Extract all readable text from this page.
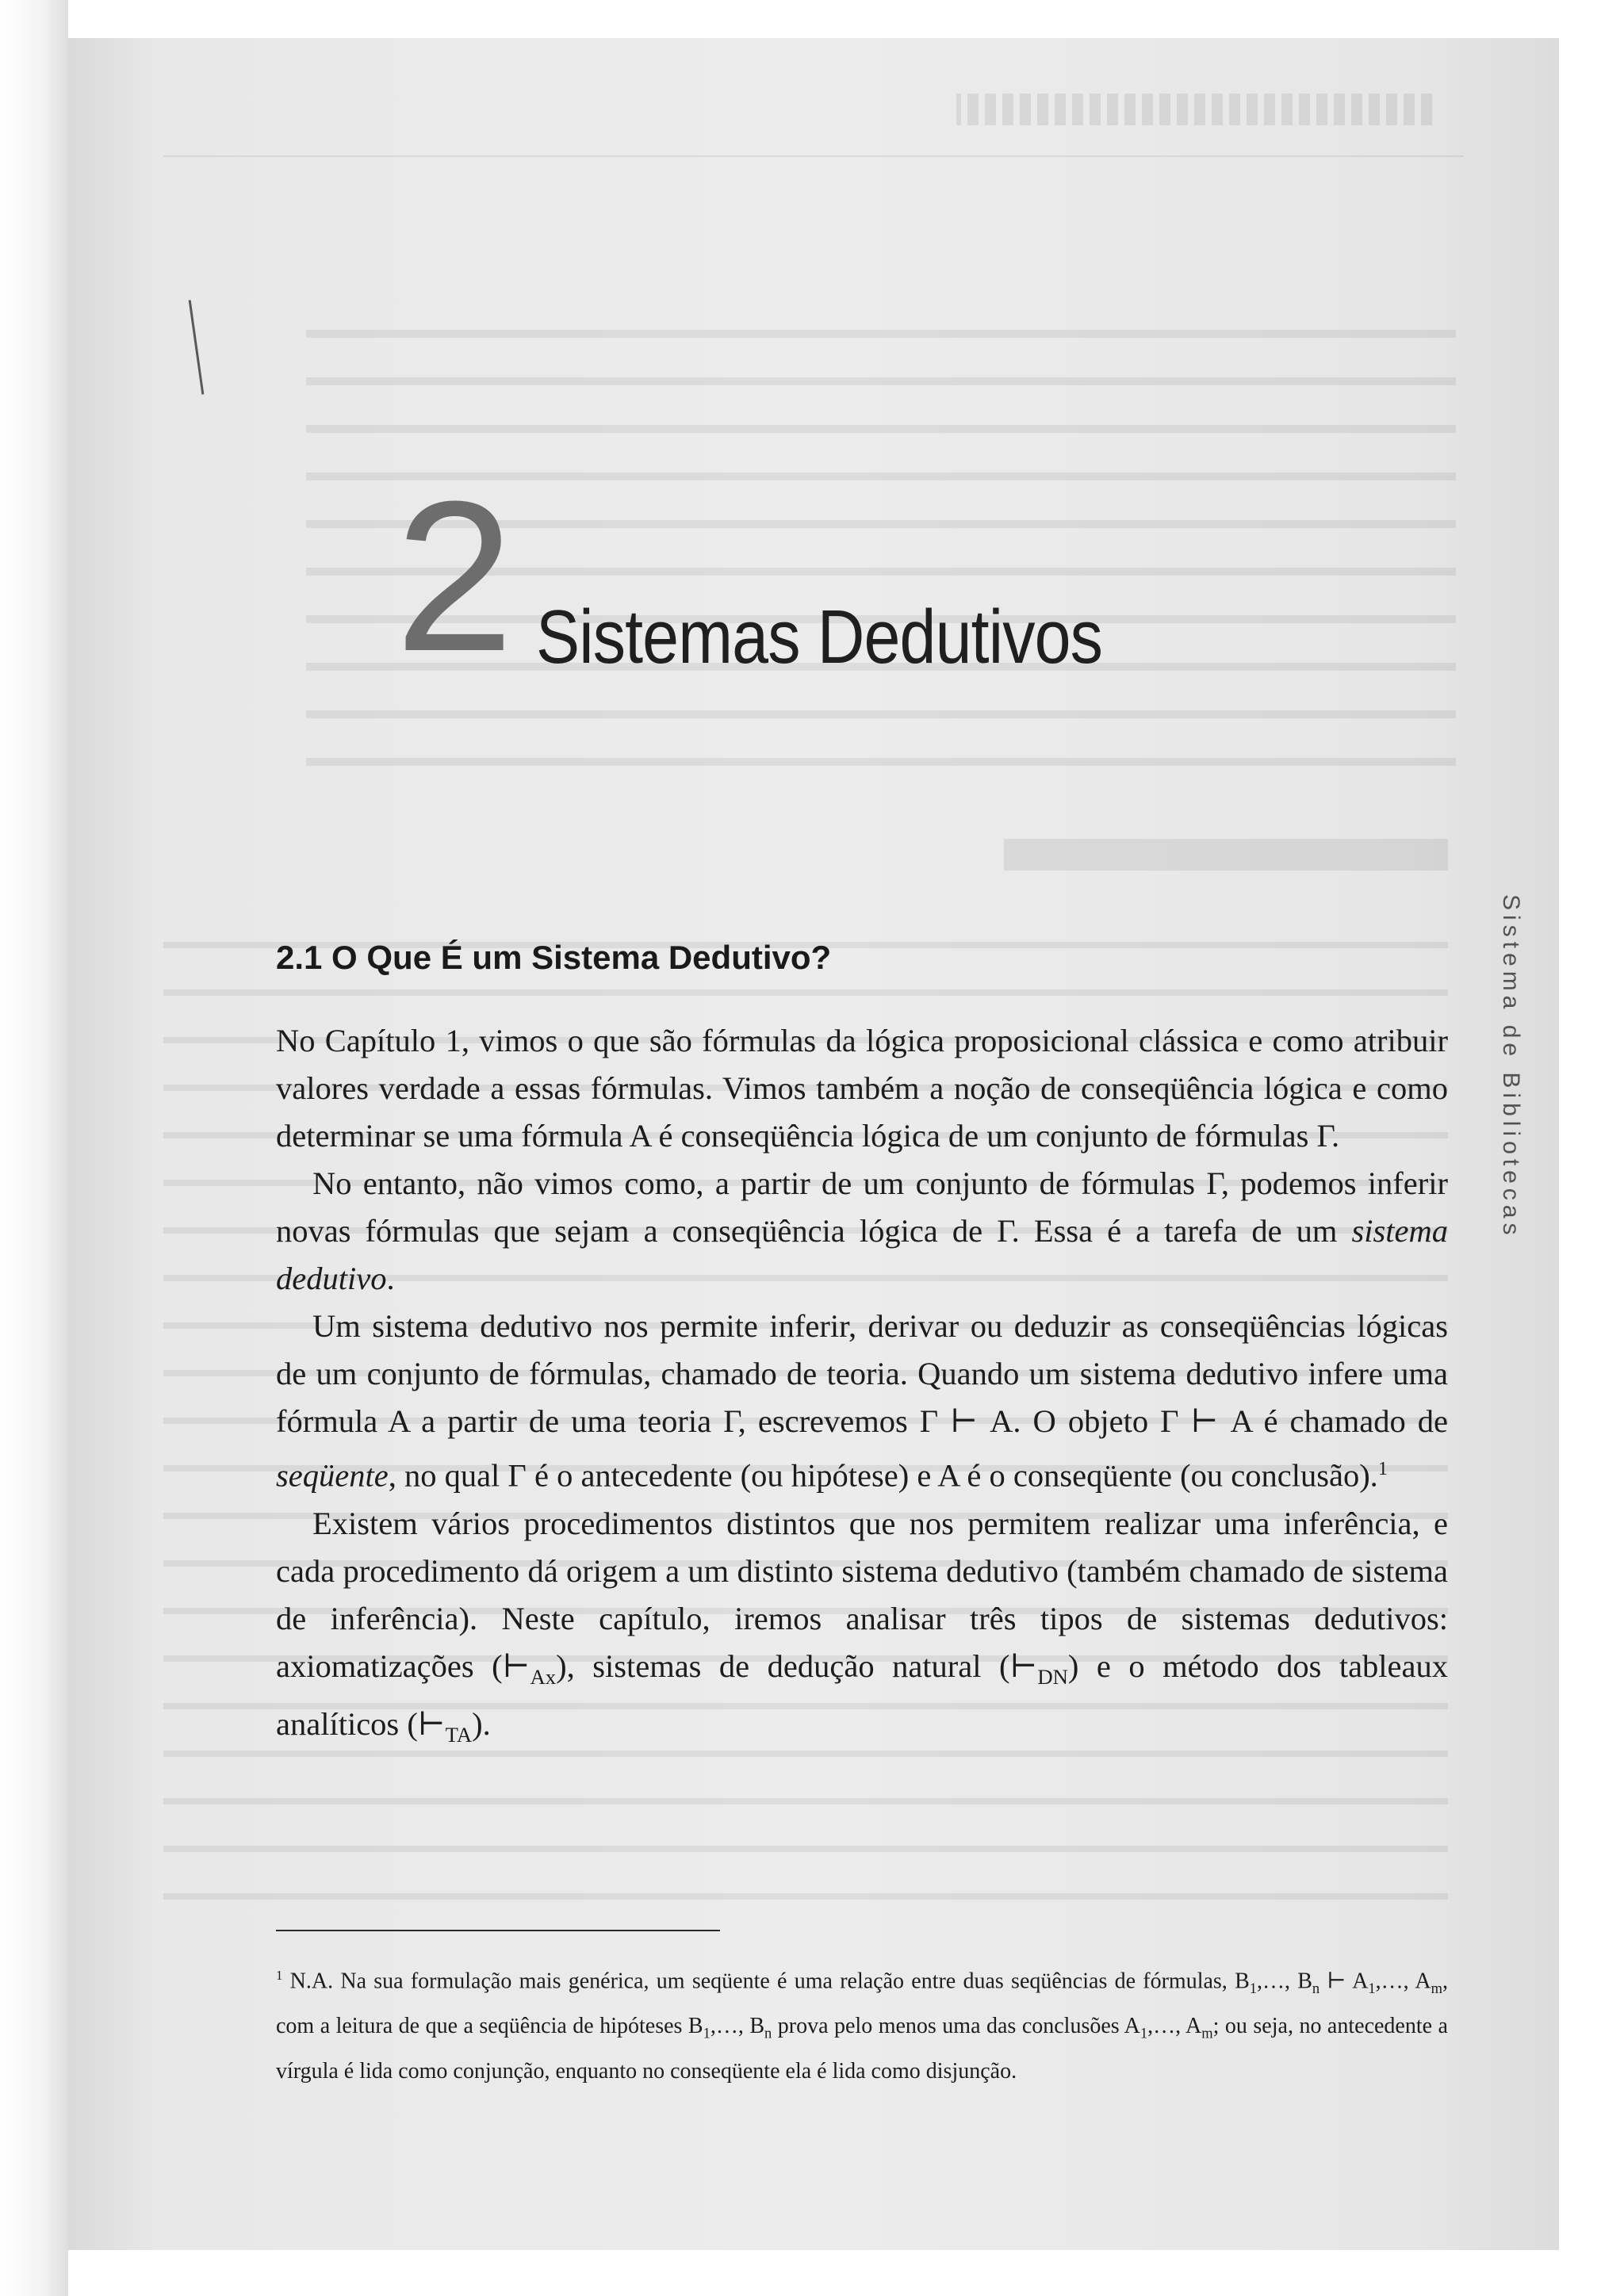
Sistema de Bibliotecas
2 Sistemas Dedutivos
2.1 O Que É um Sistema Dedutivo?

No Capítulo 1, vimos o que são fórmulas da lógica proposicional clássica e como atribuir valores verdade a essas fórmulas. Vimos também a noção de conseqüência lógica e como determinar se uma fórmula A é conseqüência lógica de um conjunto de fórmulas Γ.

No entanto, não vimos como, a partir de um conjunto de fórmulas Γ, podemos inferir novas fórmulas que sejam a conseqüência lógica de Γ. Essa é a tarefa de um sistema dedutivo.

Um sistema dedutivo nos permite inferir, derivar ou deduzir as conseqüências lógicas de um conjunto de fórmulas, chamado de teoria. Quando um sistema dedutivo infere uma fórmula A a partir de uma teoria Γ, escrevemos Γ ⊢ A. O objeto Γ ⊢ A é chamado de seqüente, no qual Γ é o antecedente (ou hipótese) e A é o conseqüente (ou conclusão).$^1$

Existem vários procedimentos distintos que nos permitem realizar uma inferência, e cada procedimento dá origem a um distinto sistema dedutivo (também chamado de sistema de inferência). Neste capítulo, iremos analisar três tipos de sistemas dedutivos: axiomatizações $(⊢_{Ax})$, sistemas de dedução natural $(⊢_{DN})$ e o método dos tableaux analíticos $(⊢_{TA})$.

$^1$ N.A. Na sua formulação mais genérica, um seqüente é uma relação entre duas seqüências de fórmulas, $B_1,\dots$, $B_n$ ⊢ $A_1,\dots$, $A_m$, com a leitura de que a seqüência de hipóteses $B_1,\dots$, $B_n$ prova pelo menos uma das conclusões $A_1,\dots$, $A_m$; ou seja, no antecedente a vírgula é lida como conjunção, enquanto no conseqüente ela é lida como disjunção.
